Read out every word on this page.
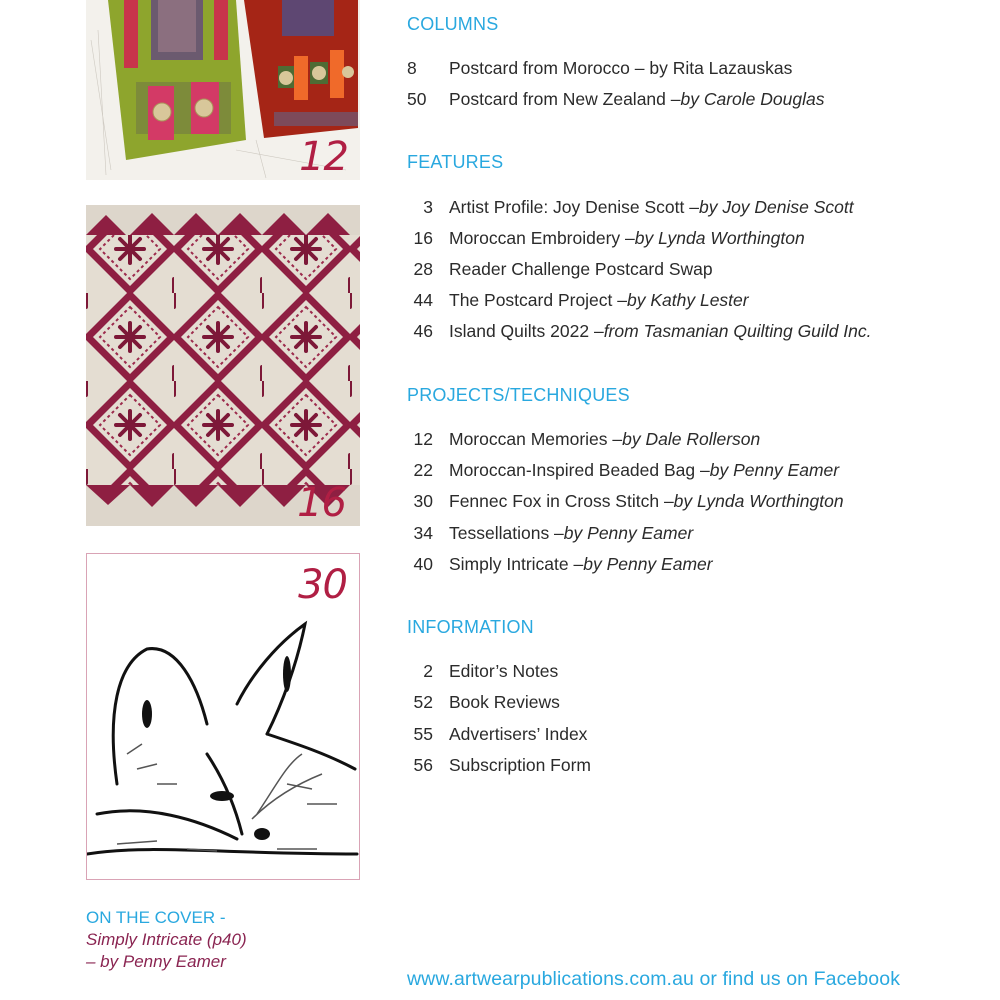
12
16
30
ON THE COVER -
Simply Intricate (p40)
– by Penny Eamer
COLUMNS
8	Postcard from Morocco – by Rita Lazauskas
50	Postcard from New Zealand – by Carole Douglas
FEATURES
3 Artist Profile: Joy Denise Scott – by Joy Denise Scott
16 Moroccan Embroidery – by Lynda Worthington
28 Reader Challenge Postcard Swap
44 The Postcard Project – by Kathy Lester
46 Island Quilts 2022 – from Tasmanian Quilting Guild Inc.
PROJECTS/TECHNIQUES
12 Moroccan Memories – by Dale Rollerson
22 Moroccan-Inspired Beaded Bag – by Penny Eamer
30 Fennec Fox in Cross Stitch – by Lynda Worthington
34 Tessellations – by Penny Eamer
40 Simply Intricate – by Penny Eamer
INFORMATION
2 Editor’s Notes
52 Book Reviews
55 Advertisers’ Index
56 Subscription Form
www.artwearpublications.com.au or find us on Facebook
